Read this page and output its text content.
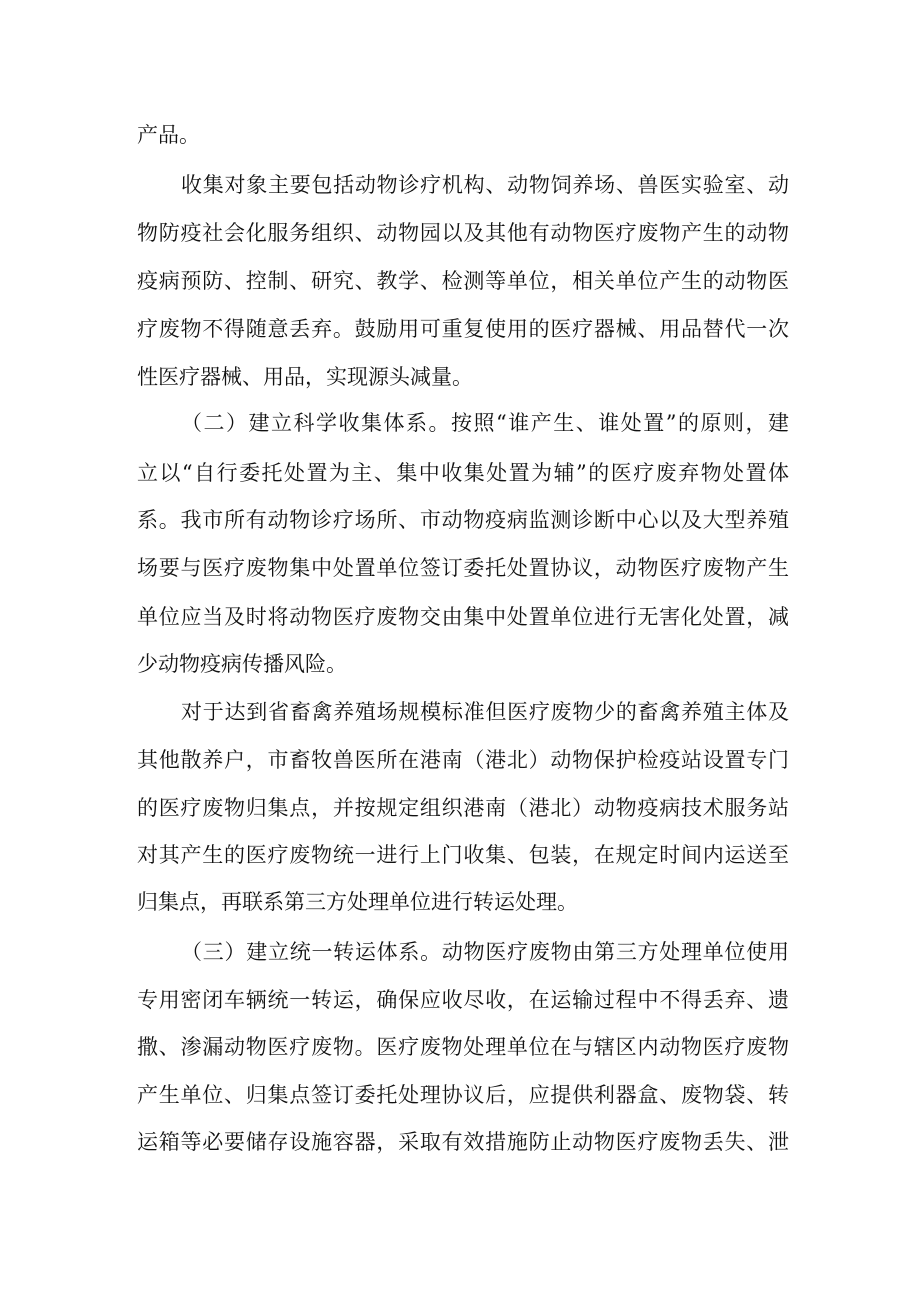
产品。
收集对象主要包括动物诊疗机构、动物饲养场、兽医实验室、动
物防疫社会化服务组织、动物园以及其他有动物医疗废物产生的动物
疫病预防、控制、研究、教学、检测等单位，相关单位产生的动物医
疗废物不得随意丢弃。鼓励用可重复使用的医疗器械、用品替代一次
性医疗器械、用品，实现源头减量。
（二）建立科学收集体系。按照“谁产生、谁处置”的原则，建
立以“自行委托处置为主、集中收集处置为辅”的医疗废弃物处置体
系。我市所有动物诊疗场所、市动物疫病监测诊断中心以及大型养殖
场要与医疗废物集中处置单位签订委托处置协议，动物医疗废物产生
单位应当及时将动物医疗废物交由集中处置单位进行无害化处置，减
少动物疫病传播风险。
对于达到省畜禽养殖场规模标准但医疗废物少的畜禽养殖主体及
其他散养户，市畜牧兽医所在港南（港北）动物保护检疫站设置专门
的医疗废物归集点，并按规定组织港南（港北）动物疫病技术服务站
对其产生的医疗废物统一进行上门收集、包装，在规定时间内运送至
归集点，再联系第三方处理单位进行转运处理。
（三）建立统一转运体系。动物医疗废物由第三方处理单位使用
专用密闭车辆统一转运，确保应收尽收，在运输过程中不得丢弃、遗
撒、渗漏动物医疗废物。医疗废物处理单位在与辖区内动物医疗废物
产生单位、归集点签订委托处理协议后，应提供利器盒、废物袋、转
运箱等必要储存设施容器，采取有效措施防止动物医疗废物丢失、泄
